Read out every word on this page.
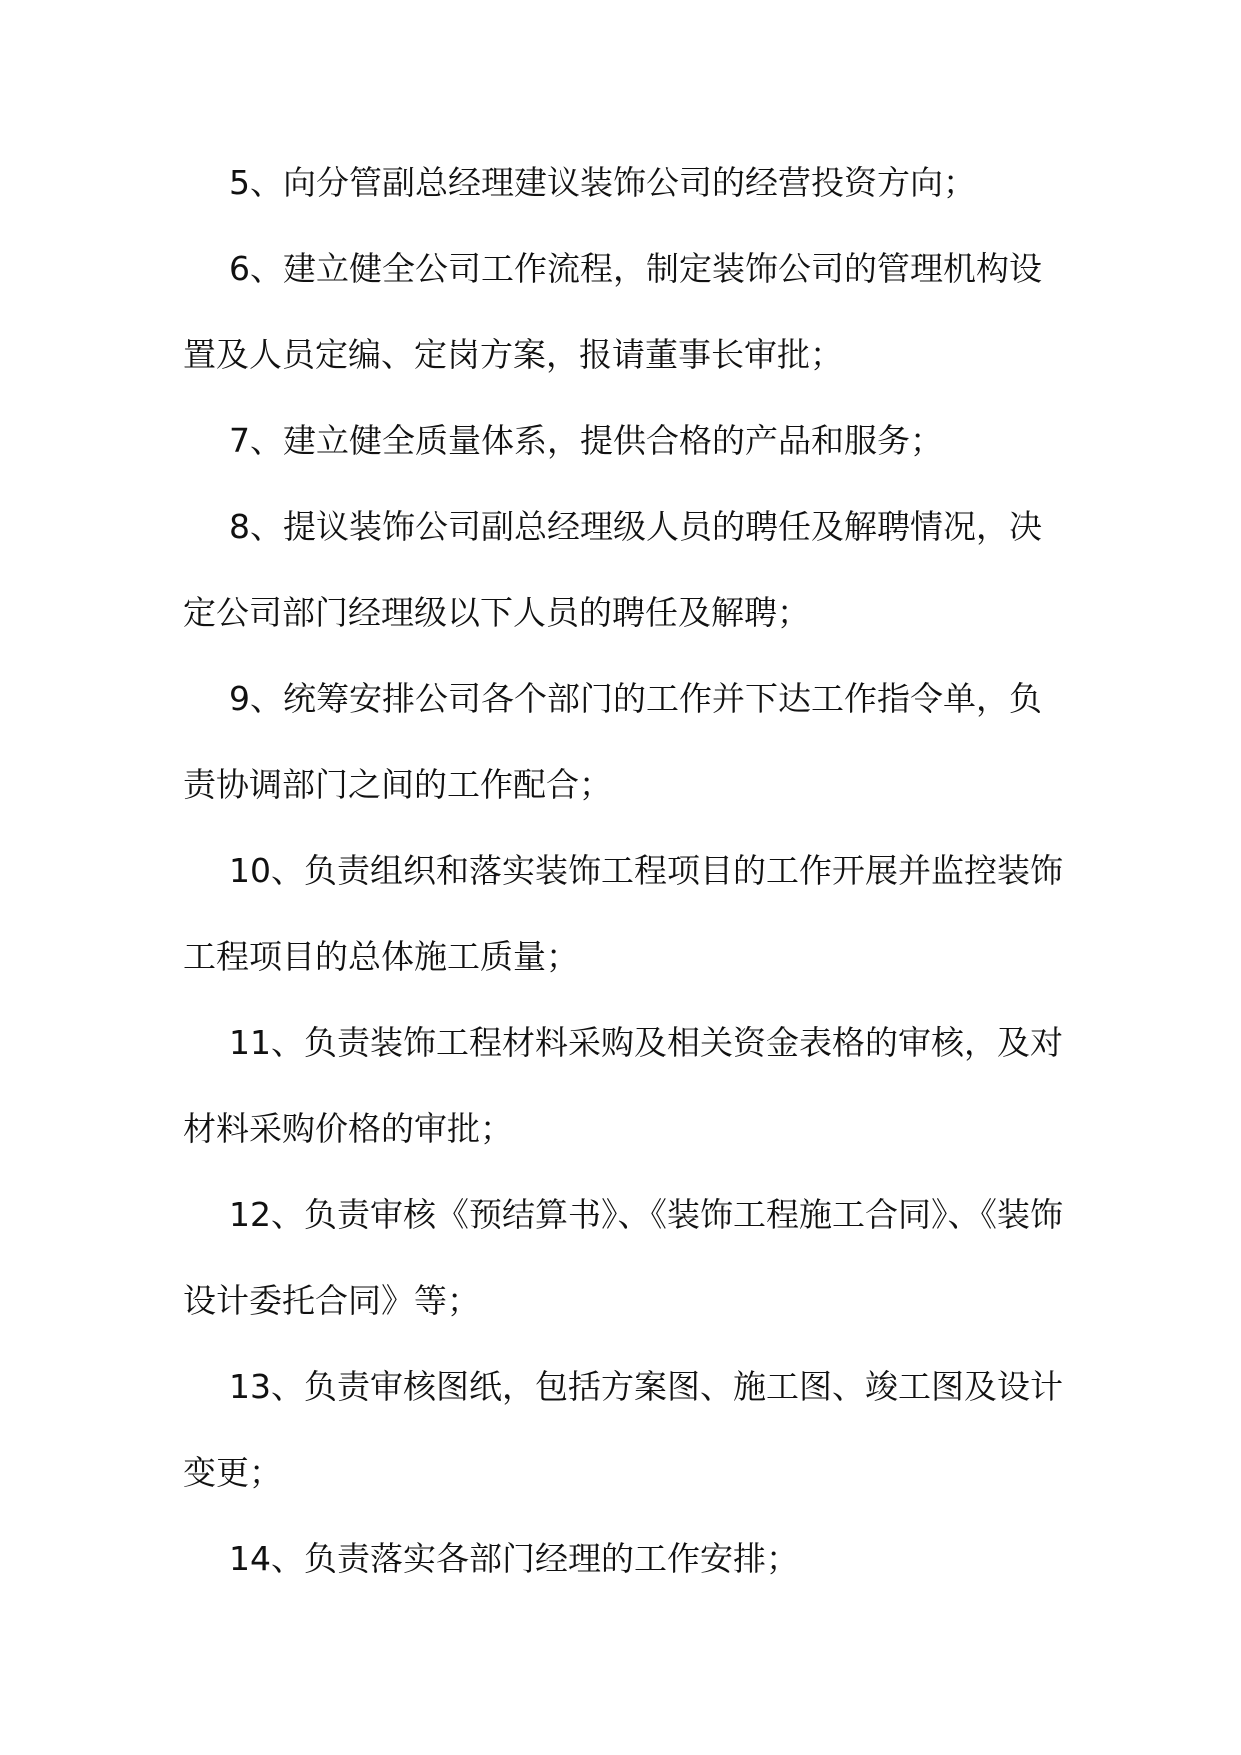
5、向分管副总经理建议装饰公司的经营投资方向；
6、建立健全公司工作流程，制定装饰公司的管理机构设
置及人员定编、定岗方案，报请董事长审批；
7、建立健全质量体系，提供合格的产品和服务；
8、提议装饰公司副总经理级人员的聘任及解聘情况，决
定公司部门经理级以下人员的聘任及解聘；
9、统筹安排公司各个部门的工作并下达工作指令单，负
责协调部门之间的工作配合；
10、负责组织和落实装饰工程项目的工作开展并监控装饰
工程项目的总体施工质量；
11、负责装饰工程材料采购及相关资金表格的审核，及对
材料采购价格的审批；
12、负责审核《预结算书》、《装饰工程施工合同》、《装饰
设计委托合同》等；
13、负责审核图纸，包括方案图、施工图、竣工图及设计
变更；
14、负责落实各部门经理的工作安排；
